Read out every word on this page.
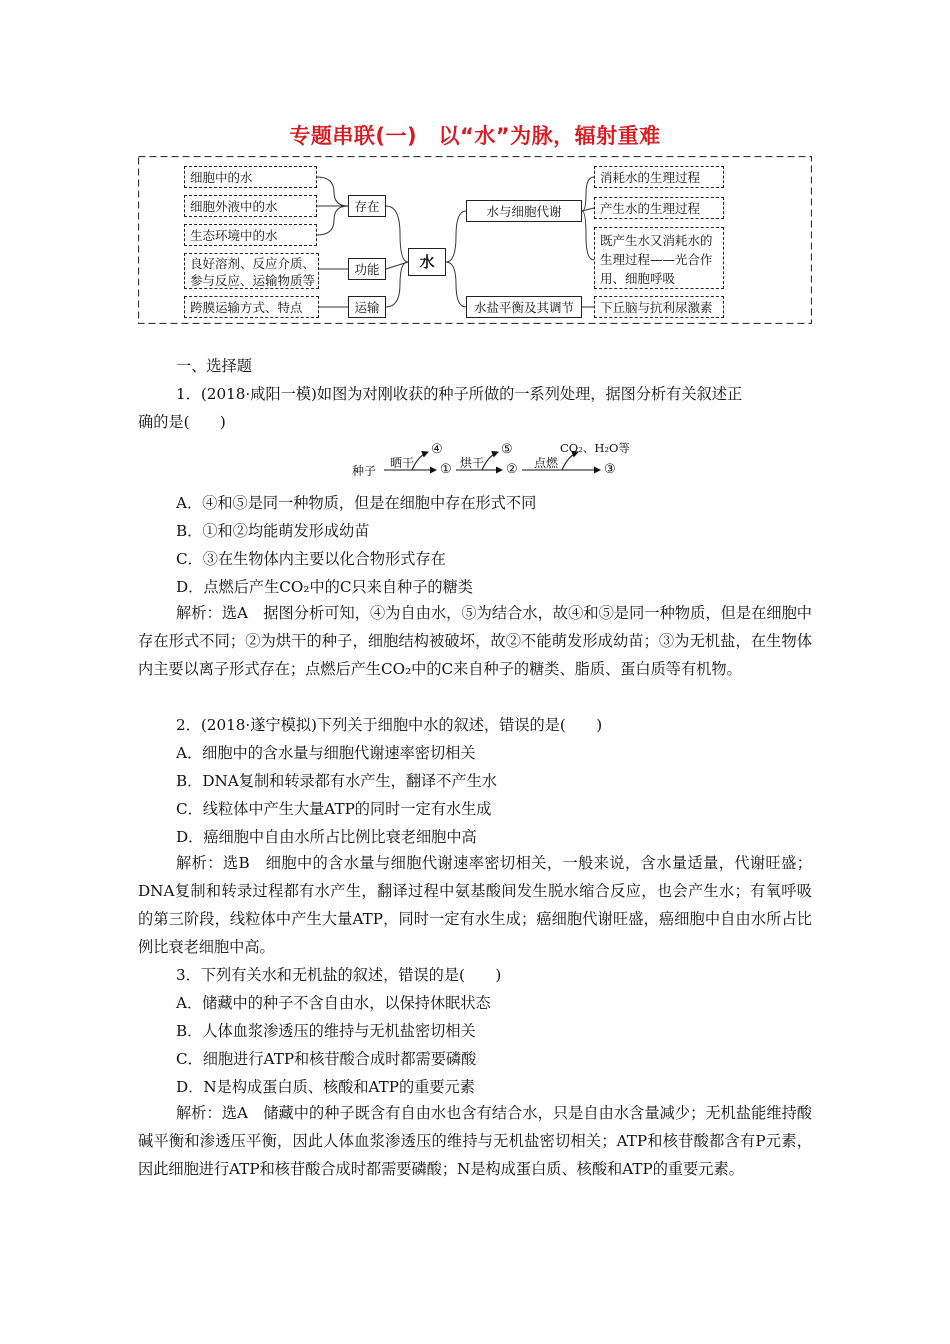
专题串联(一)　以“水”为脉，辐射重难
细胞中的水
细胞外液中的水
生态环境中的水
良好溶剂、反应介质、
参与反应、运输物质等
跨膜运输方式、特点
存在
功能
运输
水
水与细胞代谢
水盐平衡及其调节
消耗水的生理过程
产生水的生理过程
既产生水又消耗水的
生理过程——光合作
用、细胞呼吸
下丘脑与抗利尿激素
一、选择题
1．(2018·咸阳一模)如图为对刚收获的种子所做的一系列处理，据图分析有关叙述正
确的是(　　)
种子
晒干
④
① 烘干
⑤
② 点燃
CO₂、H₂O等
③
A．④和⑤是同一种物质，但是在细胞中存在形式不同
B．①和②均能萌发形成幼苗
C．③在生物体内主要以化合物形式存在
D．点燃后产生CO₂中的C只来自种子的糖类
解析：选A　据图分析可知，④为自由水，⑤为结合水，故④和⑤是同一种物质，但是在细胞中存在形式不同；②为烘干的种子，细胞结构被破坏，故②不能萌发形成幼苗；③为无机盐，在生物体内主要以离子形式存在；点燃后产生CO₂中的C来自种子的糖类、脂质、蛋白质等有机物。
2．(2018·遂宁模拟)下列关于细胞中水的叙述，错误的是(　　)
A．细胞中的含水量与细胞代谢速率密切相关
B．DNA复制和转录都有水产生，翻译不产生水
C．线粒体中产生大量ATP的同时一定有水生成
D．癌细胞中自由水所占比例比衰老细胞中高
解析：选B　细胞中的含水量与细胞代谢速率密切相关，一般来说，含水量适量，代谢旺盛；DNA复制和转录过程都有水产生，翻译过程中氨基酸间发生脱水缩合反应，也会产生水；有氧呼吸的第三阶段，线粒体中产生大量ATP，同时一定有水生成；癌细胞代谢旺盛，癌细胞中自由水所占比例比衰老细胞中高。
3．下列有关水和无机盐的叙述，错误的是(　　)
A．储藏中的种子不含自由水，以保持休眠状态
B．人体血浆渗透压的维持与无机盐密切相关
C．细胞进行ATP和核苷酸合成时都需要磷酸
D．N是构成蛋白质、核酸和ATP的重要元素
解析：选A　储藏中的种子既含有自由水也含有结合水，只是自由水含量减少；无机盐能维持酸碱平衡和渗透压平衡，因此人体血浆渗透压的维持与无机盐密切相关；ATP和核苷酸都含有P元素，因此细胞进行ATP和核苷酸合成时都需要磷酸；N是构成蛋白质、核酸和ATP的重要元素。
